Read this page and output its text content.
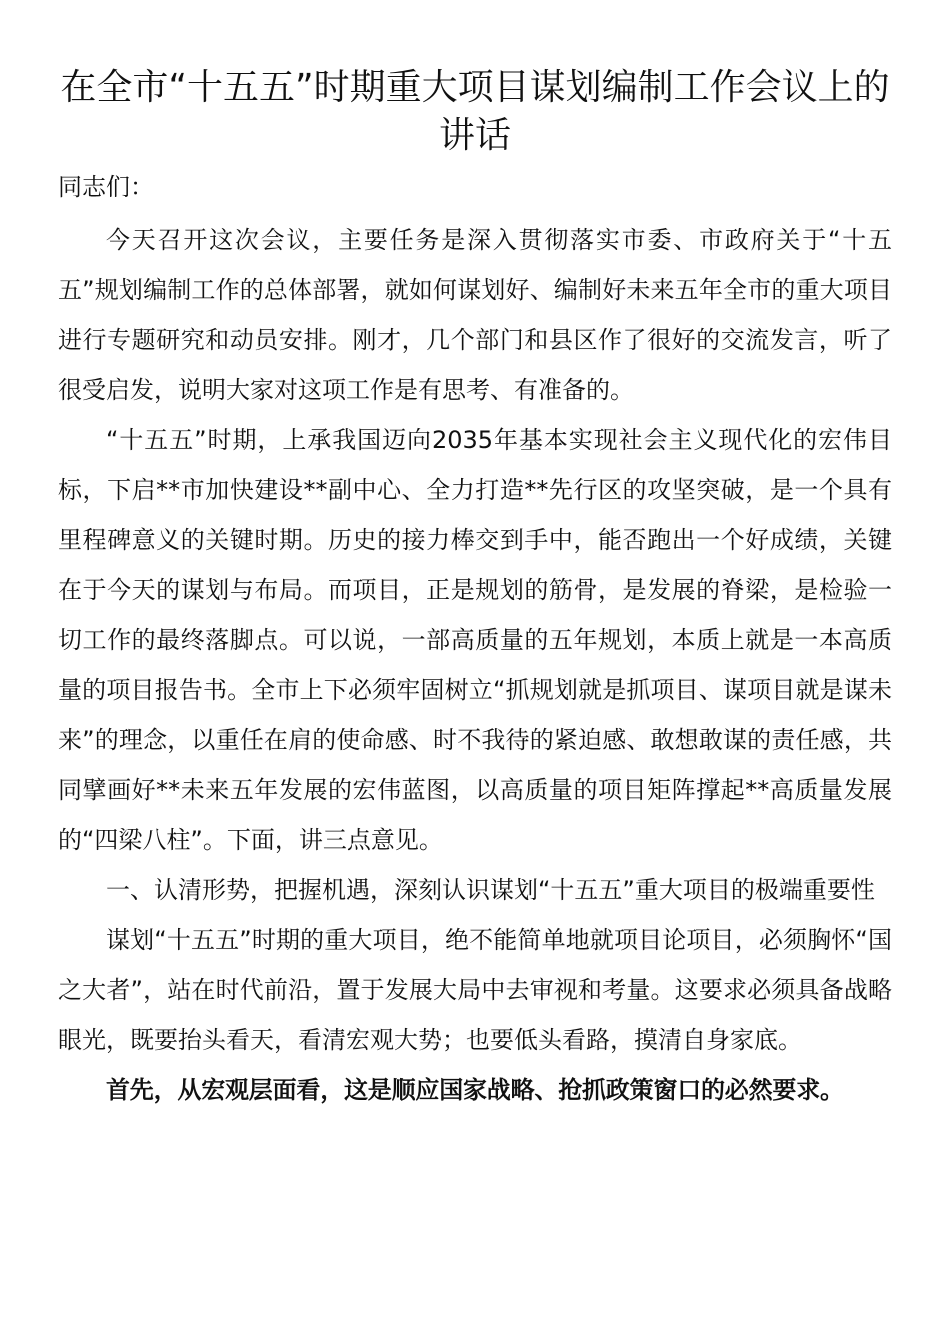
在全市“十五五”时期重大项目谋划编制工作会议上的讲话

同志们：

今天召开这次会议，主要任务是深入贯彻落实市委、市政府关于“十五五”规划编制工作的总体部署，就如何谋划好、编制好未来五年全市的重大项目进行专题研究和动员安排。刚才，几个部门和县区作了很好的交流发言，听了很受启发，说明大家对这项工作是有思考、有准备的。

“十五五”时期，上承我国迈向2035年基本实现社会主义现代化的宏伟目标，下启**市加快建设**副中心、全力打造**先行区的攻坚突破，是一个具有里程碑意义的关键时期。历史的接力棒交到手中，能否跑出一个好成绩，关键在于今天的谋划与布局。而项目，正是规划的筋骨，是发展的脊梁，是检验一切工作的最终落脚点。可以说，一部高质量的五年规划，本质上就是一本高质量的项目报告书。全市上下必须牢固树立“抓规划就是抓项目、谋项目就是谋未来”的理念，以重任在肩的使命感、时不我待的紧迫感、敢想敢谋的责任感，共同擘画好**未来五年发展的宏伟蓝图，以高质量的项目矩阵撑起**高质量发展的“四梁八柱”。下面，讲三点意见。

一、认清形势，把握机遇，深刻认识谋划“十五五”重大项目的极端重要性

谋划“十五五”时期的重大项目，绝不能简单地就项目论项目，必须胸怀“国之大者”，站在时代前沿，置于发展大局中去审视和考量。这要求必须具备战略眼光，既要抬头看天，看清宏观大势；也要低头看路，摸清自身家底。

首先，从宏观层面看，这是顺应国家战略、抢抓政策窗口的必然要求。
